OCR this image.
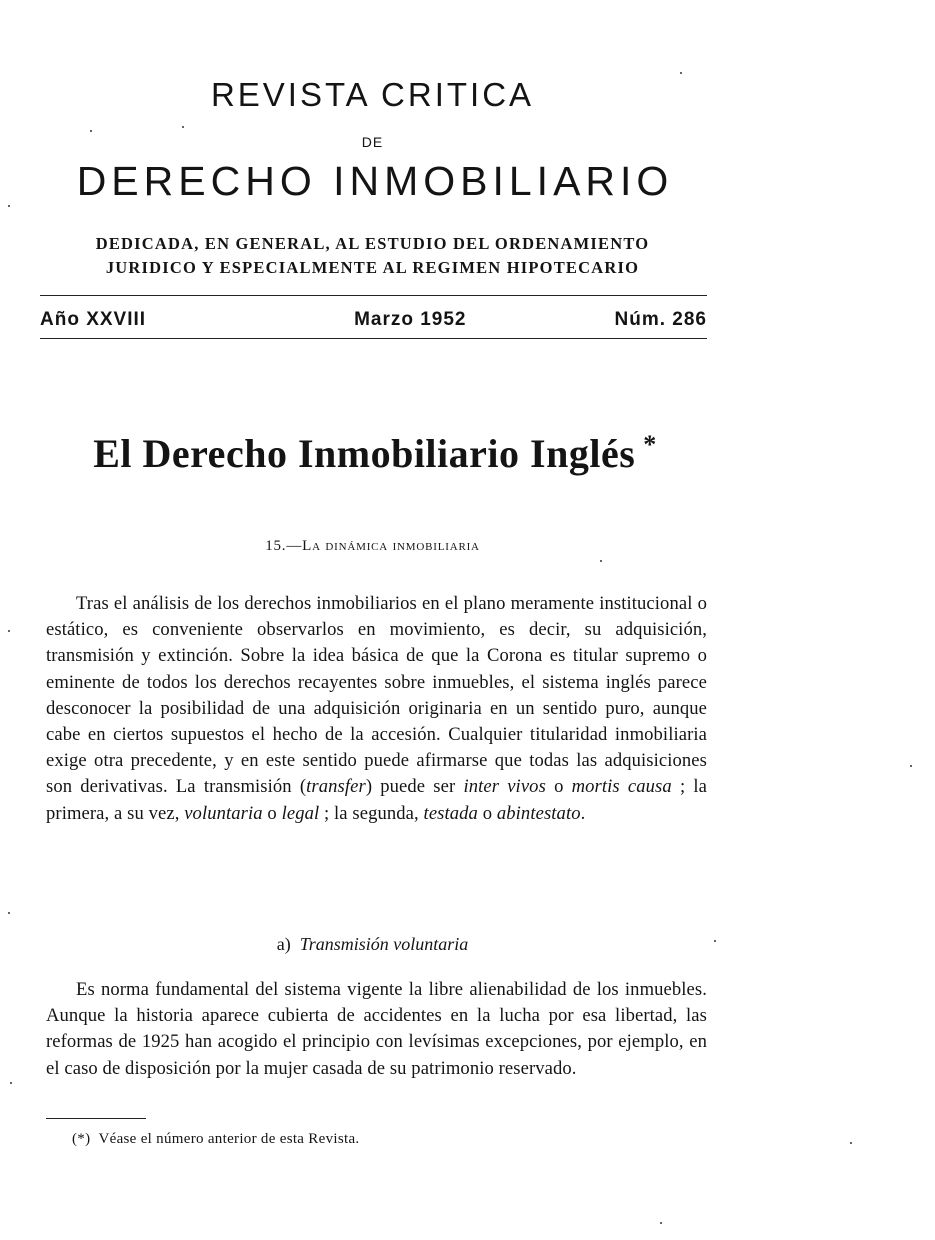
REVISTA CRITICA
DE
DERECHO INMOBILIARIO
DEDICADA, EN GENERAL, AL ESTUDIO DEL ORDENAMIENTO
JURIDICO Y ESPECIALMENTE AL REGIMEN HIPOTECARIO
Año XXVIII	Marzo 1952	Núm. 286
El Derecho Inmobiliario Inglés *
15.—La dinámica inmobiliaria

Tras el análisis de los derechos inmobiliarios en el plano meramente institucional o estático, es conveniente observarlos en movimiento, es decir, su adquisición, transmisión y extinción. Sobre la idea básica de que la Corona es titular supremo o eminente de todos los derechos recayentes sobre inmuebles, el sistema inglés parece desconocer la posibilidad de una adquisición originaria en un sentido puro, aunque cabe en ciertos supuestos el hecho de la accesión. Cualquier titularidad inmobiliaria exige otra precedente, y en este sentido puede afirmarse que todas las adquisiciones son derivativas. La transmisión (transfer) puede ser inter vivos o mortis causa ; la primera, a su vez, voluntaria o legal ; la segunda, testada o abintestato.

a) Transmisión voluntaria

Es norma fundamental del sistema vigente la libre alienabilidad de los inmuebles. Aunque la historia aparece cubierta de accidentes en la lucha por esa libertad, las reformas de 1925 han acogido el principio con levísimas excepciones, por ejemplo, en el caso de disposición por la mujer casada de su patrimonio reservado.

(*) Véase el número anterior de esta Revista.
